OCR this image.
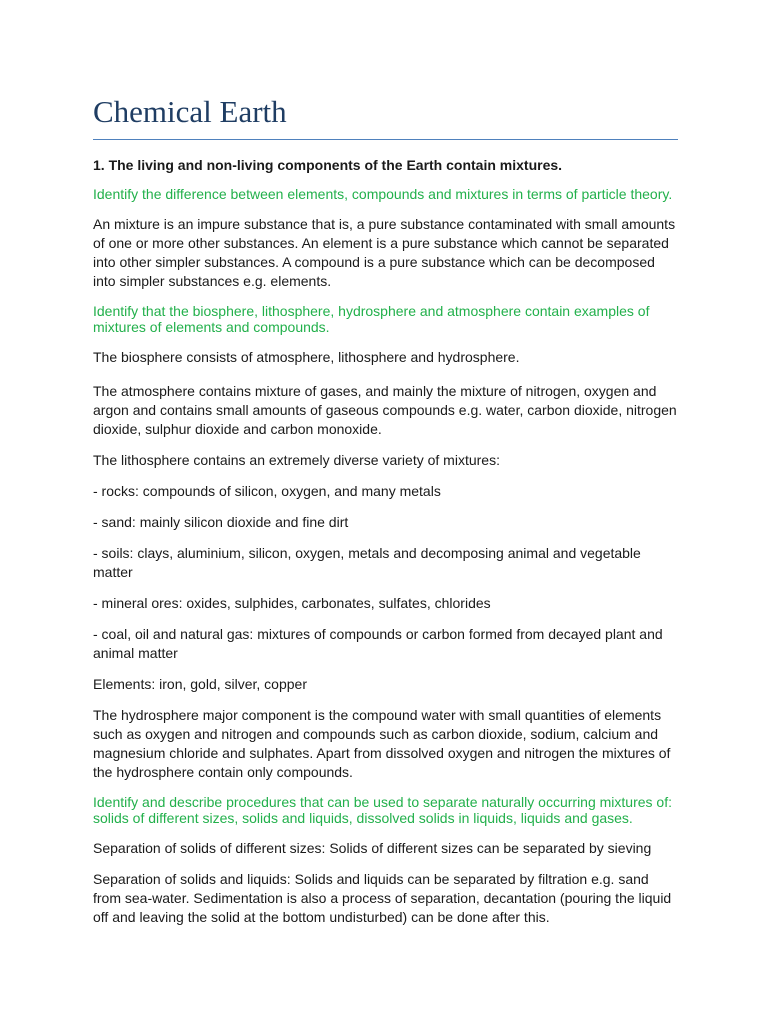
Chemical Earth
1. The living and non-living components of the Earth contain mixtures.

Identify the difference between elements, compounds and mixtures in terms of particle theory.

An mixture is an impure substance that is, a pure substance contaminated with small amounts of one or more other substances. An element is a pure substance which cannot be separated into other simpler substances. A compound is a pure substance which can be decomposed into simpler substances e.g. elements.

Identify that the biosphere, lithosphere, hydrosphere and atmosphere contain examples of mixtures of elements and compounds.

The biosphere consists of atmosphere, lithosphere and hydrosphere.

The atmosphere contains mixture of gases, and mainly the mixture of nitrogen, oxygen and argon and contains small amounts of gaseous compounds e.g. water, carbon dioxide, nitrogen dioxide, sulphur dioxide and carbon monoxide.

The lithosphere contains an extremely diverse variety of mixtures:

- rocks: compounds of silicon, oxygen, and many metals

- sand: mainly silicon dioxide and fine dirt

- soils: clays, aluminium, silicon, oxygen, metals and decomposing animal and vegetable matter

- mineral ores: oxides, sulphides, carbonates, sulfates, chlorides

- coal, oil and natural gas: mixtures of compounds or carbon formed from decayed plant and animal matter

Elements: iron, gold, silver, copper

The hydrosphere major component is the compound water with small quantities of elements such as oxygen and nitrogen and compounds such as carbon dioxide, sodium, calcium and magnesium chloride and sulphates. Apart from dissolved oxygen and nitrogen the mixtures of the hydrosphere contain only compounds.

Identify and describe procedures that can be used to separate naturally occurring mixtures of: solids of different sizes, solids and liquids, dissolved solids in liquids, liquids and gases.

Separation of solids of different sizes: Solids of different sizes can be separated by sieving

Separation of solids and liquids: Solids and liquids can be separated by filtration e.g. sand from sea-water. Sedimentation is also a process of separation, decantation (pouring the liquid off and leaving the solid at the bottom undisturbed) can be done after this.
